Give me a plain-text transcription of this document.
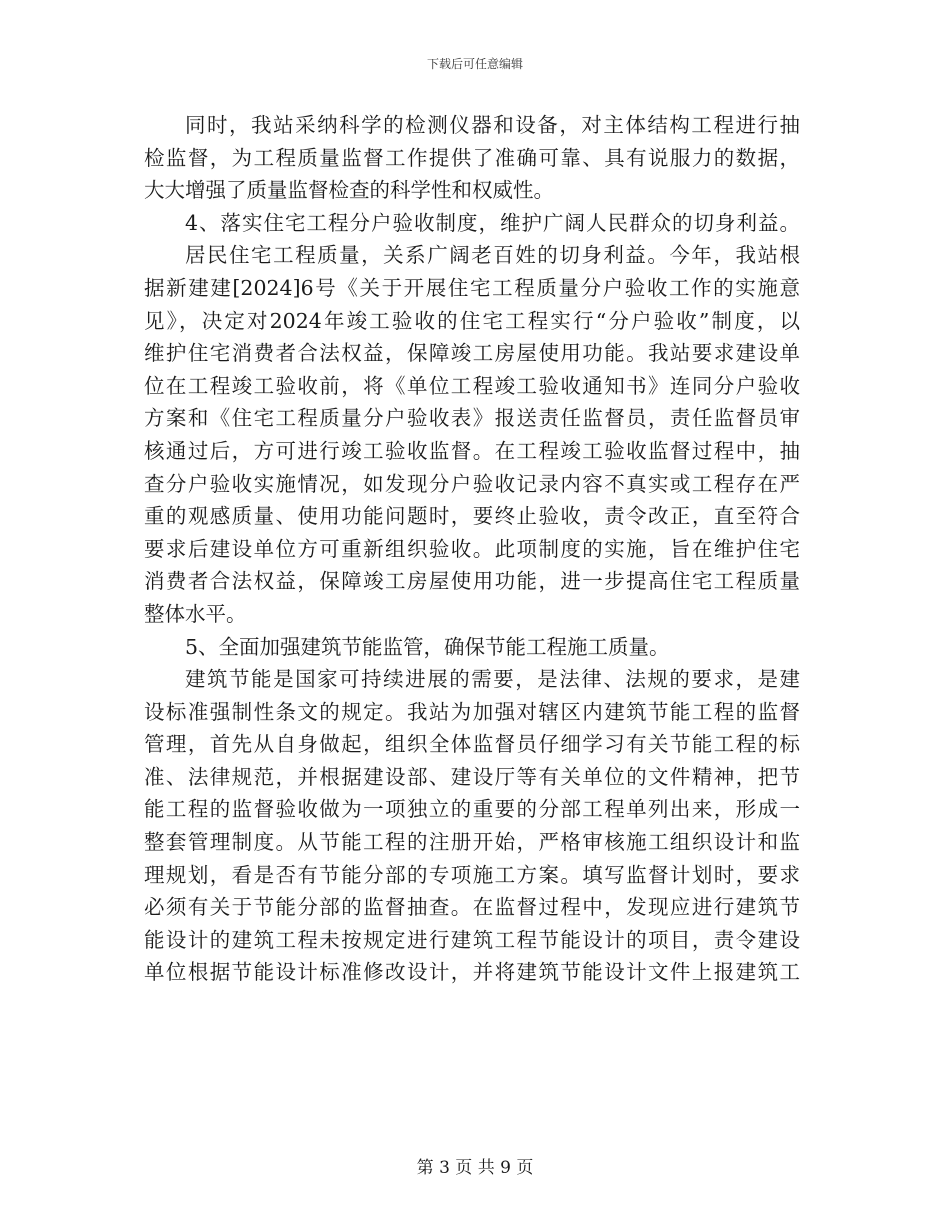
下载后可任意编辑
同时，我站采纳科学的检测仪器和设备，对主体结构工程进行抽
检监督，为工程质量监督工作提供了准确可靠、具有说服力的数据，
大大增强了质量监督检查的科学性和权威性。
4、落实住宅工程分户验收制度，维护广阔人民群众的切身利益。
居民住宅工程质量，关系广阔老百姓的切身利益。今年，我站根
据新建建[2024]6号《关于开展住宅工程质量分户验收工作的实施意
见》，决定对2024年竣工验收的住宅工程实行“分户验收”制度，以
维护住宅消费者合法权益，保障竣工房屋使用功能。我站要求建设单
位在工程竣工验收前，将《单位工程竣工验收通知书》连同分户验收
方案和《住宅工程质量分户验收表》报送责任监督员，责任监督员审
核通过后，方可进行竣工验收监督。在工程竣工验收监督过程中，抽
查分户验收实施情况，如发现分户验收记录内容不真实或工程存在严
重的观感质量、使用功能问题时，要终止验收，责令改正，直至符合
要求后建设单位方可重新组织验收。此项制度的实施，旨在维护住宅
消费者合法权益，保障竣工房屋使用功能，进一步提高住宅工程质量
整体水平。
5、全面加强建筑节能监管，确保节能工程施工质量。
建筑节能是国家可持续进展的需要，是法律、法规的要求，是建
设标准强制性条文的规定。我站为加强对辖区内建筑节能工程的监督
管理，首先从自身做起，组织全体监督员仔细学习有关节能工程的标
准、法律规范，并根据建设部、建设厅等有关单位的文件精神，把节
能工程的监督验收做为一项独立的重要的分部工程单列出来，形成一
整套管理制度。从节能工程的注册开始，严格审核施工组织设计和监
理规划，看是否有节能分部的专项施工方案。填写监督计划时，要求
必须有关于节能分部的监督抽查。在监督过程中，发现应进行建筑节
能设计的建筑工程未按规定进行建筑工程节能设计的项目，责令建设
单位根据节能设计标准修改设计，并将建筑节能设计文件上报建筑工
第 3 页 共 9 页
